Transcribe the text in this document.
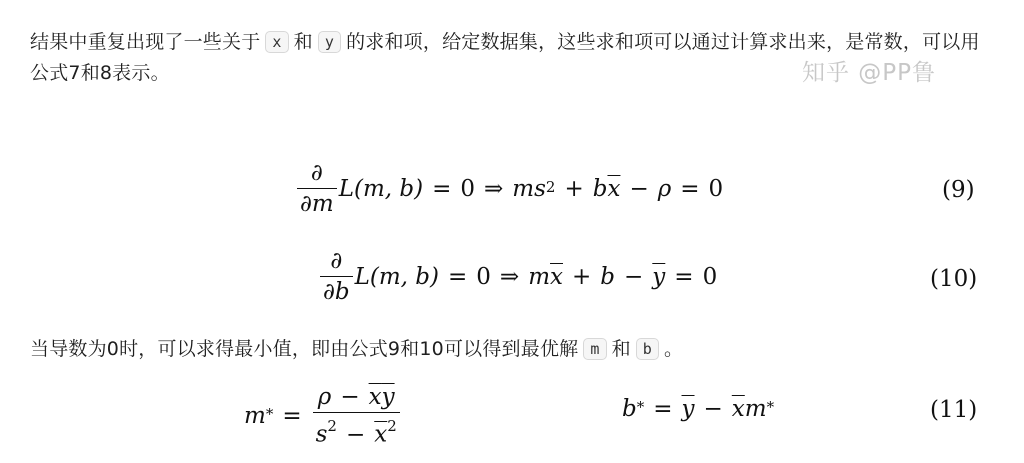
结果中重复出现了一些关于 x 和 y 的求和项，给定数据集，这些求和项可以通过计算求出来，是常数，可以用公式7和8表示。	知乎 @PP鲁
$\frac{\partial}{\partial m} L(m$, b) = 0 ⇒ m $s^2 + b$ $\overline{x} - \rho = 0$	(9)
$\frac{\partial}{\partial b} L(m$, b) = 0 ⇒ m $\overline{x} + b - \overline{y} = 0$	(10)
当导数为0时，可以求得最小值，即由公式9和10可以得到最优解 m 和 b 。
$m^* = \frac{\rho - \overline{x}\overline{y}}{s^2 - \overline{x}^2}$	$b^* = \overline{y} - \overline{x}$ m*	(11)
